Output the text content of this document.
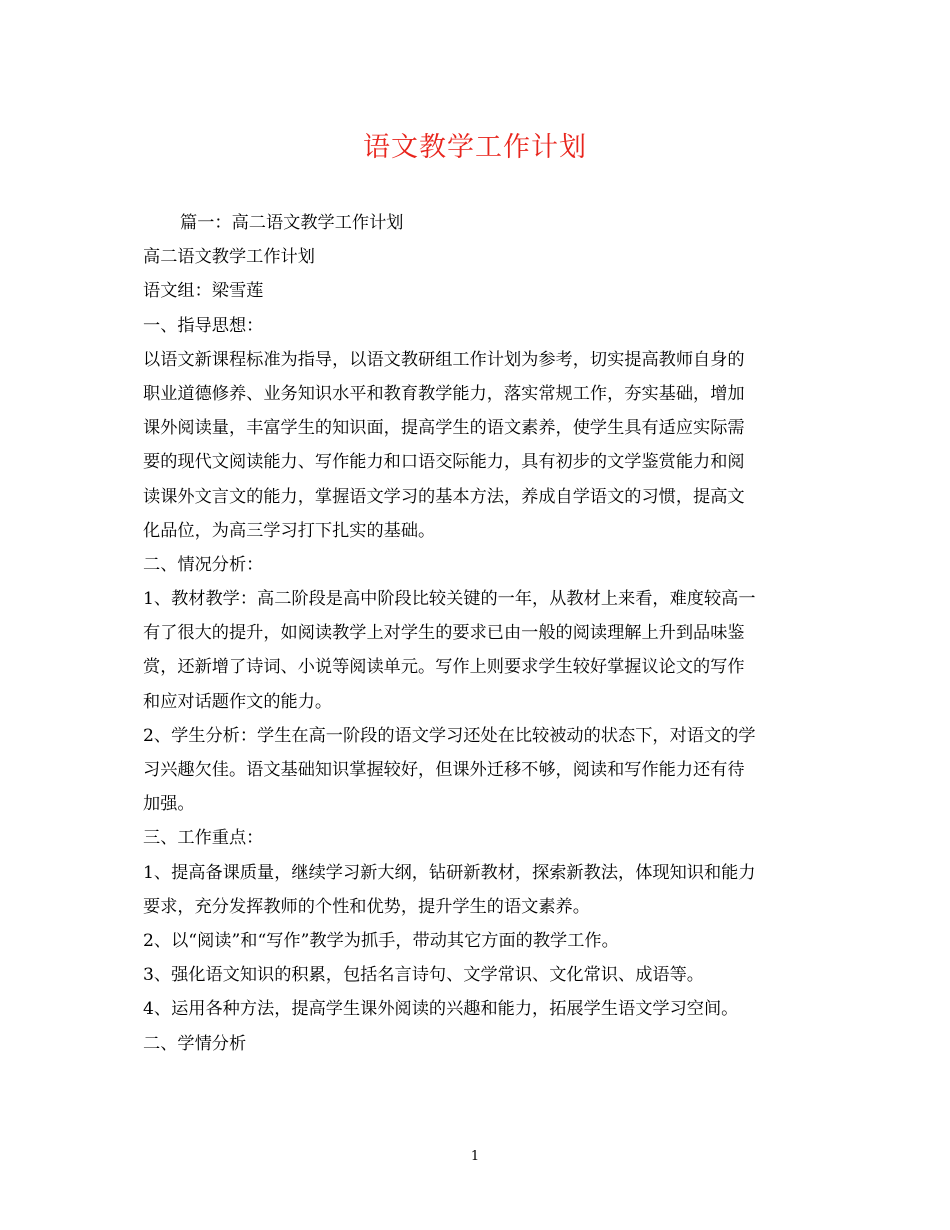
语文教学工作计划
篇一：高二语文教学工作计划
高二语文教学工作计划
语文组：梁雪莲
一、指导思想：
以语文新课程标准为指导，以语文教研组工作计划为参考，切实提高教师自身的
职业道德修养、业务知识水平和教育教学能力，落实常规工作，夯实基础，增加
课外阅读量，丰富学生的知识面，提高学生的语文素养，使学生具有适应实际需
要的现代文阅读能力、写作能力和口语交际能力，具有初步的文学鉴赏能力和阅
读课外文言文的能力，掌握语文学习的基本方法，养成自学语文的习惯，提高文
化品位，为高三学习打下扎实的基础。
二、情况分析：
1、教材教学：高二阶段是高中阶段比较关键的一年，从教材上来看，难度较高一
有了很大的提升，如阅读教学上对学生的要求已由一般的阅读理解上升到品味鉴
赏，还新增了诗词、小说等阅读单元。写作上则要求学生较好掌握议论文的写作
和应对话题作文的能力。
2、学生分析：学生在高一阶段的语文学习还处在比较被动的状态下，对语文的学
习兴趣欠佳。语文基础知识掌握较好，但课外迁移不够，阅读和写作能力还有待
加强。
三、工作重点：
1、提高备课质量，继续学习新大纲，钻研新教材，探索新教法，体现知识和能力
要求，充分发挥教师的个性和优势，提升学生的语文素养。
2、以“阅读”和“写作”教学为抓手，带动其它方面的教学工作。
3、强化语文知识的积累，包括名言诗句、文学常识、文化常识、成语等。
4、运用各种方法，提高学生课外阅读的兴趣和能力，拓展学生语文学习空间。
二、学情分析
1
